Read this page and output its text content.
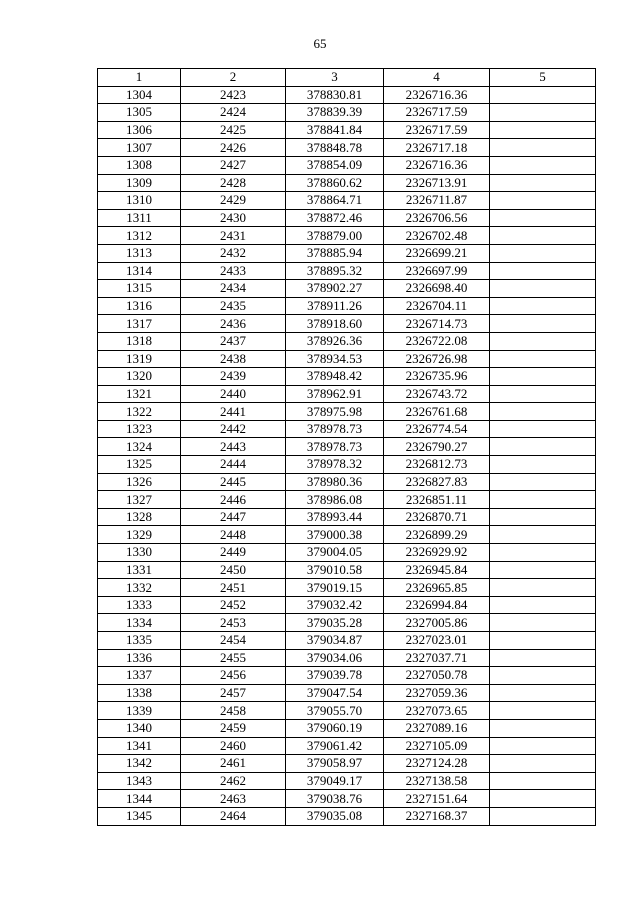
65
1	2	3	4	5
1304	2423	378830.81	2326716.36	
1305	2424	378839.39	2326717.59	
1306	2425	378841.84	2326717.59	
1307	2426	378848.78	2326717.18	
1308	2427	378854.09	2326716.36	
1309	2428	378860.62	2326713.91	
1310	2429	378864.71	2326711.87	
1311	2430	378872.46	2326706.56	
1312	2431	378879.00	2326702.48	
1313	2432	378885.94	2326699.21	
1314	2433	378895.32	2326697.99	
1315	2434	378902.27	2326698.40	
1316	2435	378911.26	2326704.11	
1317	2436	378918.60	2326714.73	
1318	2437	378926.36	2326722.08	
1319	2438	378934.53	2326726.98	
1320	2439	378948.42	2326735.96	
1321	2440	378962.91	2326743.72	
1322	2441	378975.98	2326761.68	
1323	2442	378978.73	2326774.54	
1324	2443	378978.73	2326790.27	
1325	2444	378978.32	2326812.73	
1326	2445	378980.36	2326827.83	
1327	2446	378986.08	2326851.11	
1328	2447	378993.44	2326870.71	
1329	2448	379000.38	2326899.29	
1330	2449	379004.05	2326929.92	
1331	2450	379010.58	2326945.84	
1332	2451	379019.15	2326965.85	
1333	2452	379032.42	2326994.84	
1334	2453	379035.28	2327005.86	
1335	2454	379034.87	2327023.01	
1336	2455	379034.06	2327037.71	
1337	2456	379039.78	2327050.78	
1338	2457	379047.54	2327059.36	
1339	2458	379055.70	2327073.65	
1340	2459	379060.19	2327089.16	
1341	2460	379061.42	2327105.09	
1342	2461	379058.97	2327124.28	
1343	2462	379049.17	2327138.58	
1344	2463	379038.76	2327151.64	
1345	2464	379035.08	2327168.37	
